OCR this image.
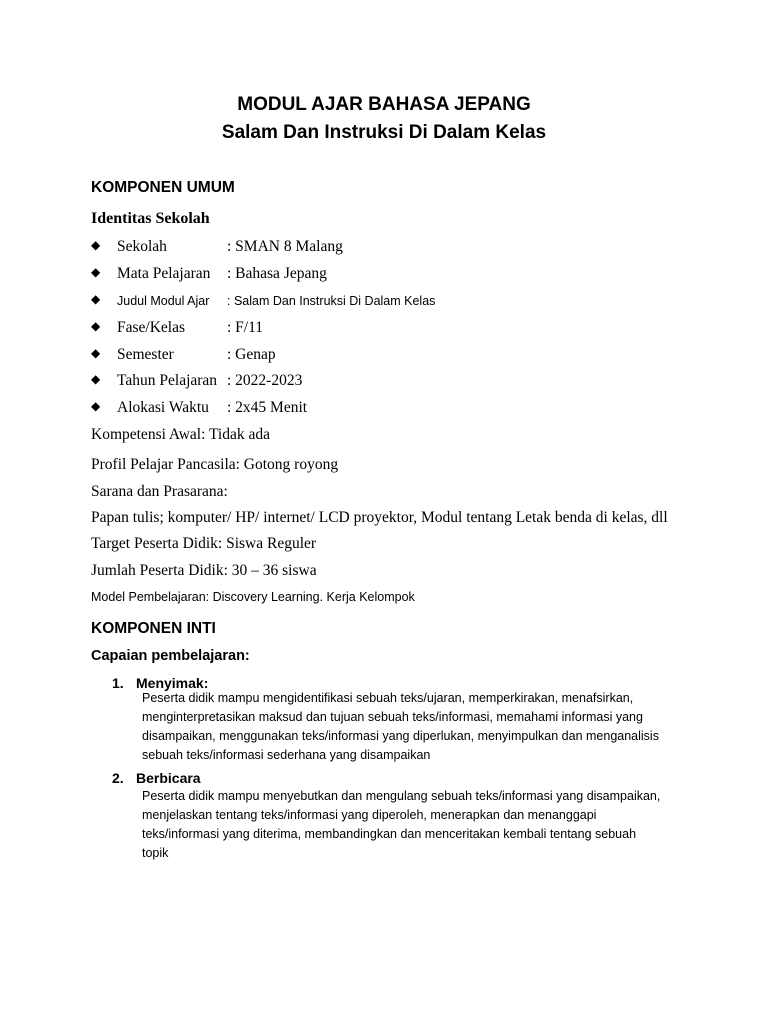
MODUL AJAR BAHASA JEPANG
Salam Dan Instruksi Di Dalam Kelas
KOMPONEN UMUM
Identitas Sekolah
◆ Sekolah	: SMAN 8 Malang
◆ Mata Pelajaran : Bahasa Jepang
◆ Judul Modul Ajar : Salam Dan Instruksi Di Dalam Kelas
◆ Fase/Kelas	: F/11
◆ Semester	: Genap
◆ Tahun Pelajaran : 2022-2023
◆ Alokasi Waktu : 2x45 Menit
Kompetensi Awal: Tidak ada
Profil Pelajar Pancasila: Gotong royong
Sarana dan Prasarana:
Papan tulis; komputer/ HP/ internet/ LCD proyektor, Modul tentang Letak benda di kelas, dll
Target Peserta Didik: Siswa Reguler
Jumlah Peserta Didik: 30 – 36 siswa
Model Pembelajaran: Discovery Learning. Kerja Kelompok
KOMPONEN INTI
Capaian pembelajaran:
1. Menyimak:
Peserta didik mampu mengidentifikasi sebuah teks/ujaran, memperkirakan, menafsirkan,
menginterpretasikan maksud dan tujuan sebuah teks/informasi, memahami informasi yang
disampaikan, menggunakan teks/informasi yang diperlukan, menyimpulkan dan menganalisis
sebuah teks/informasi sederhana yang disampaikan
2. Berbicara
Peserta didik mampu menyebutkan dan mengulang sebuah teks/informasi yang disampaikan,
menjelaskan tentang teks/informasi yang diperoleh, menerapkan dan menanggapi
teks/informasi yang diterima, membandingkan dan menceritakan kembali tentang sebuah
topik
